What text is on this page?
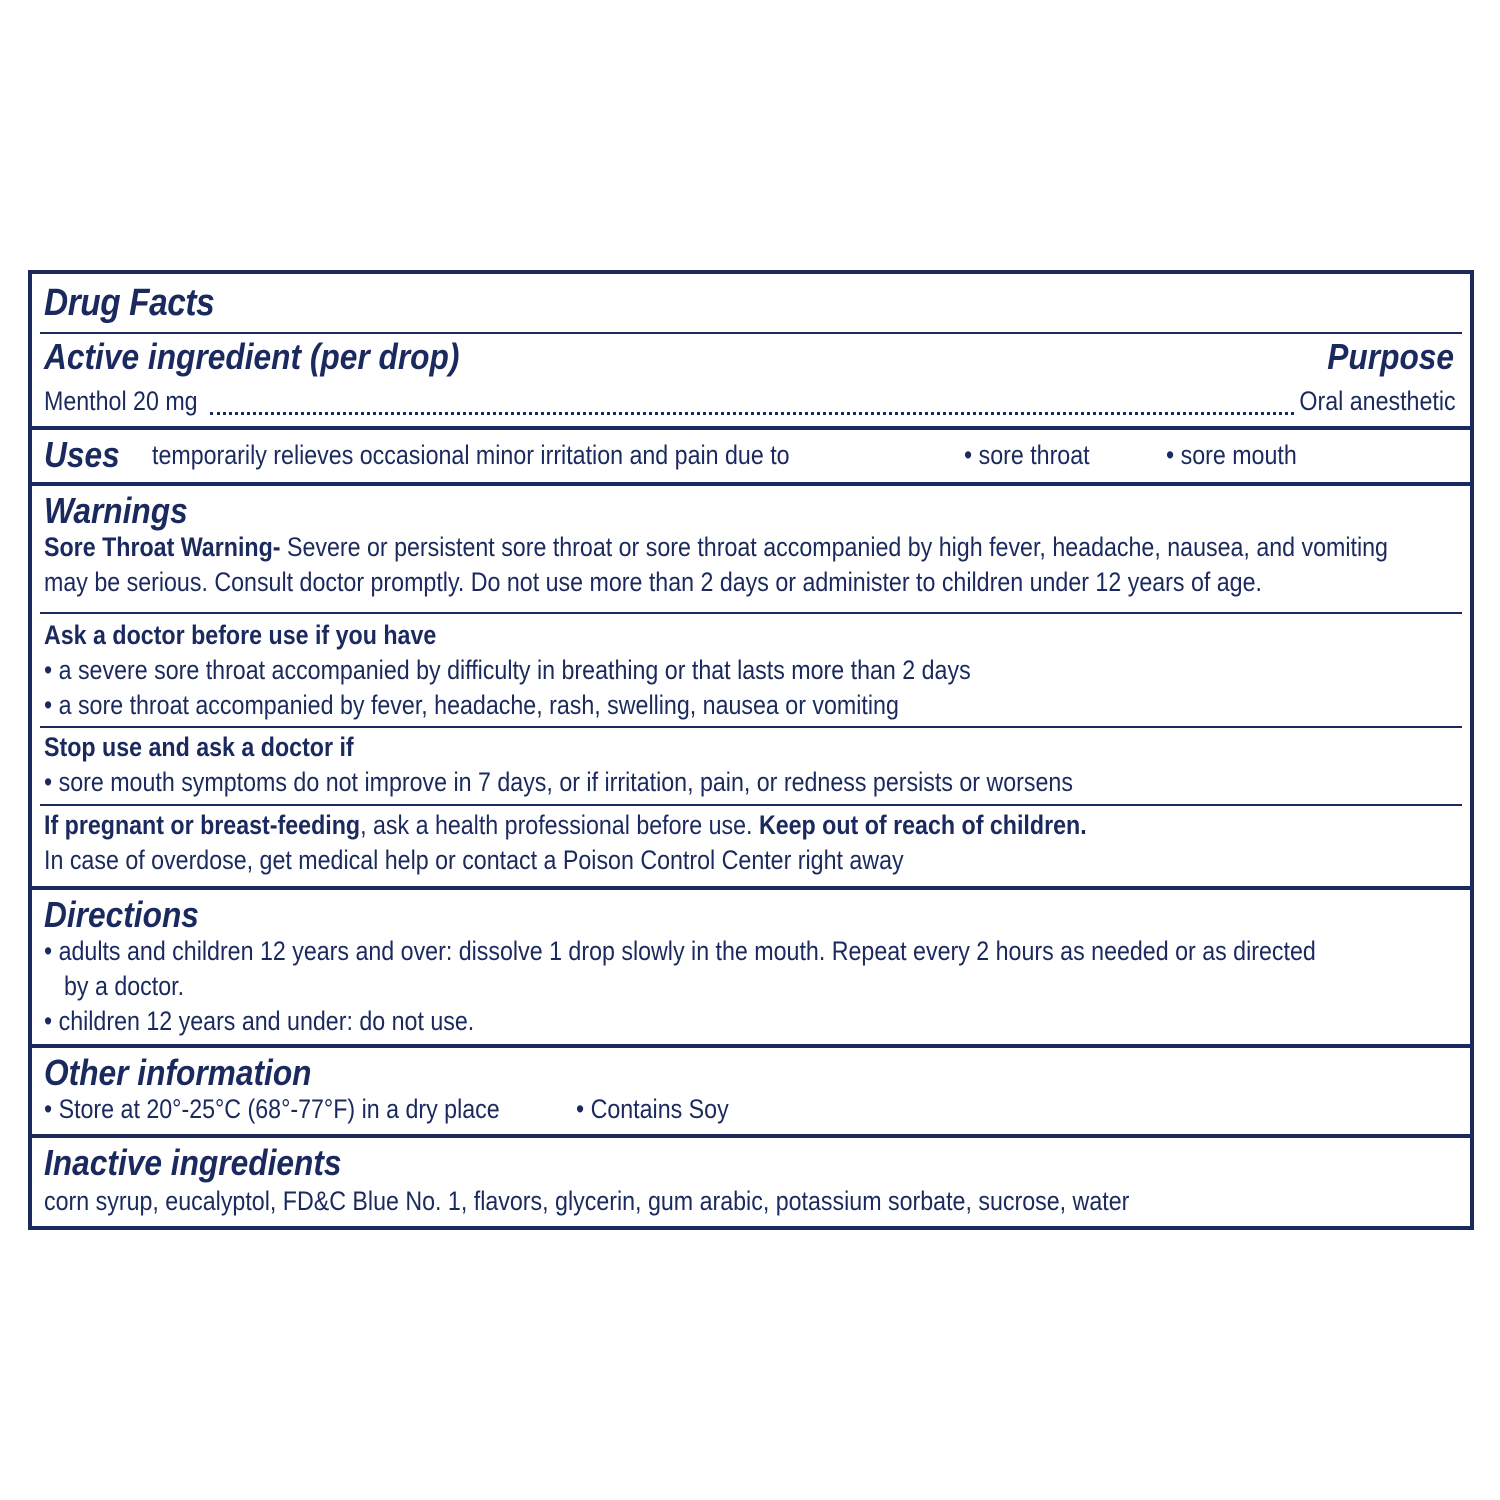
Drug Facts
Active ingredient (per drop)	Purpose
Menthol 20 mg	Oral anesthetic
Uses temporarily relieves occasional minor irritation and pain due to	• sore throat	• sore mouth
Warnings
Sore Throat Warning- Severe or persistent sore throat or sore throat accompanied by high fever, headache, nausea, and vomiting
may be serious. Consult doctor promptly. Do not use more than 2 days or administer to children under 12 years of age.
Ask a doctor before use if you have
• a severe sore throat accompanied by difficulty in breathing or that lasts more than 2 days
• a sore throat accompanied by fever, headache, rash, swelling, nausea or vomiting
Stop use and ask a doctor if
• sore mouth symptoms do not improve in 7 days, or if irritation, pain, or redness persists or worsens
If pregnant or breast-feeding, ask a health professional before use. Keep out of reach of children.
In case of overdose, get medical help or contact a Poison Control Center right away
Directions
• adults and children 12 years and over: dissolve 1 drop slowly in the mouth. Repeat every 2 hours as needed or as directed
by a doctor.
• children 12 years and under: do not use.
Other information
• Store at 20°-25°C (68°-77°F) in a dry place	• Contains Soy
Inactive ingredients
corn syrup, eucalyptol, FD&C Blue No. 1, flavors, glycerin, gum arabic, potassium sorbate, sucrose, water
